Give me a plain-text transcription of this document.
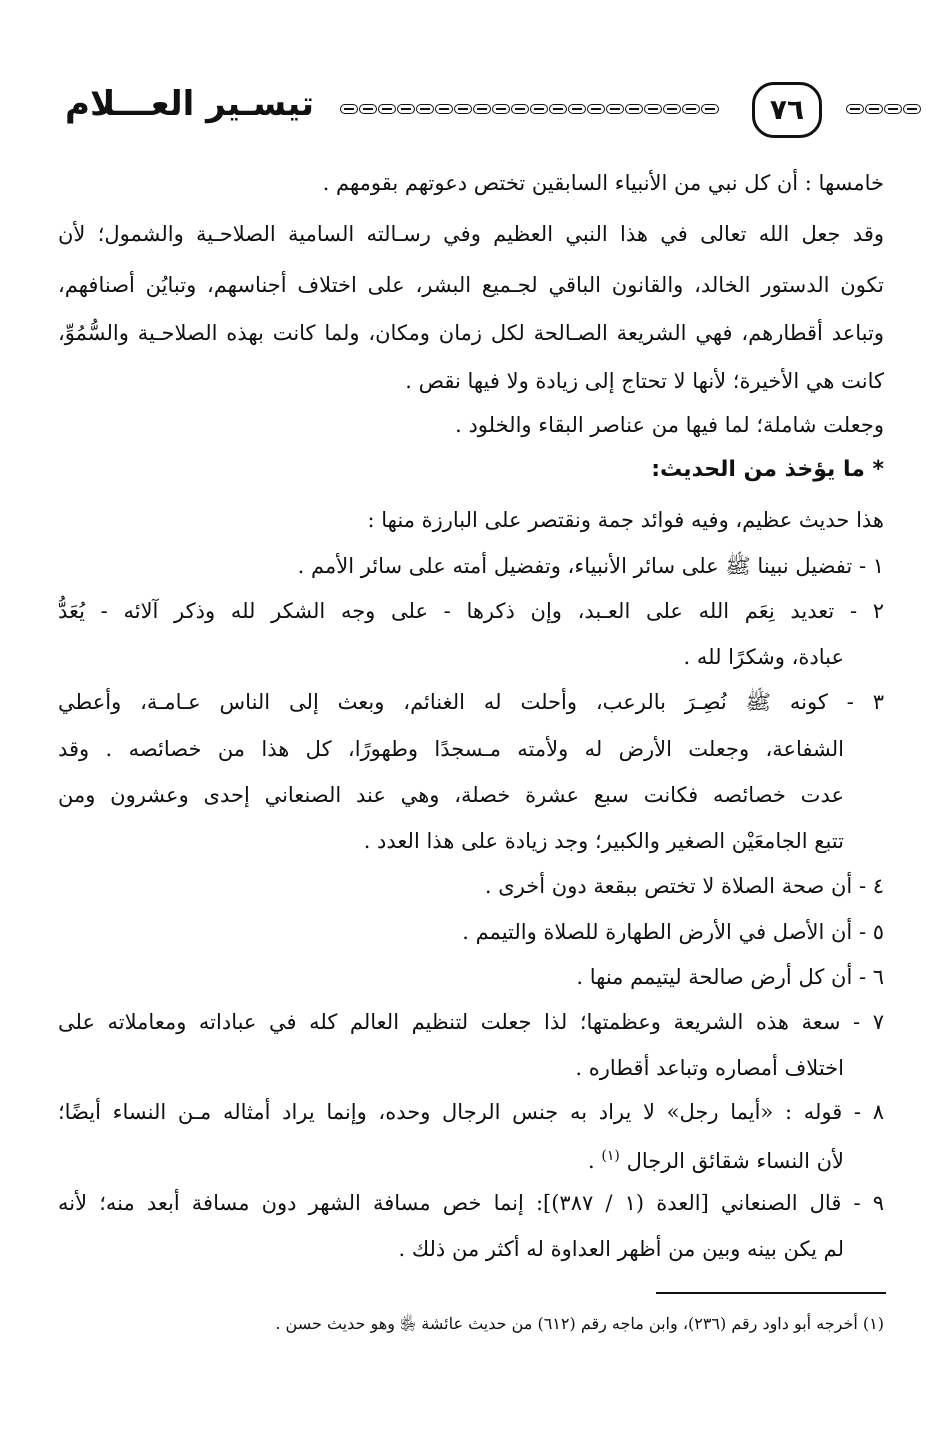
تيسـير العـــلام	٧٦
خامسها : أن كل نبي من الأنبياء السابقين تختص دعوتهم بقومهم .
وقد جعل الله تعالى في هذا النبي العظيم وفي رسـالته السامية الصلاحـية والشمول؛ لأن
تكون الدستور الخالد، والقانون الباقي لجـميع البشر، على اختلاف أجناسهم، وتبايُن أصنافهم،
وتباعد أقطارهم، فهي الشريعة الصـالحة لكل زمان ومكان، ولما كانت بهذه الصلاحـية والسُّمُوِّ،
كانت هي الأخيرة؛ لأنها لا تحتاج إلى زيادة ولا فيها نقص .
وجعلت شاملة؛ لما فيها من عناصر البقاء والخلود .
* ما يؤخذ من الحديث:
هذا حديث عظيم، وفيه فوائد جمة ونقتصر على البارزة منها :
١ - تفضيل نبينا ﷺ على سائر الأنبياء، وتفضيل أمته على سائر الأمم .
٢ - تعديد نِعَم الله على العـبد، وإن ذكرها - على وجه الشكر لله وذكر آلائه - يُعَدُّ
عبادة، وشكرًا لله .
٣ - كونه ﷺ نُصِـرَ بالرعب، وأحلت له الغنائم، وبعث إلى الناس عـامـة، وأعطي
الشفاعة، وجعلت الأرض له ولأمته مـسجدًا وطهورًا، كل هذا من خصائصه . وقد
عدت خصائصه فكانت سبع عشرة خصلة، وهي عند الصنعاني إحدى وعشرون ومن
تتبع الجامعَيْن الصغير والكبير؛ وجد زيادة على هذا العدد .
٤ - أن صحة الصلاة لا تختص ببقعة دون أخرى .
٥ - أن الأصل في الأرض الطهارة للصلاة والتيمم .
٦ - أن كل أرض صالحة ليتيمم منها .
٧ - سعة هذه الشريعة وعظمتها؛ لذا جعلت لتنظيم العالم كله في عباداته ومعاملاته على
اختلاف أمصاره وتباعد أقطاره .
٨ - قوله : «أيما رجل» لا يراد به جنس الرجال وحده، وإنما يراد أمثاله مـن النساء أيضًا؛
لأن النساء شقائق الرجال $^{(١)}$ .
٩ - قال الصنعاني [العدة (١ / ٣٨٧)]: إنما خص مسافة الشهر دون مسافة أبعد منه؛ لأنه
لم يكن بينه وبين من أظهر العداوة له أكثر من ذلك .
(١) أخرجه أبو داود رقم (٢٣٦)، وابن ماجه رقم (٦١٢) من حديث عائشة ﵂ وهو حديث حسن .
